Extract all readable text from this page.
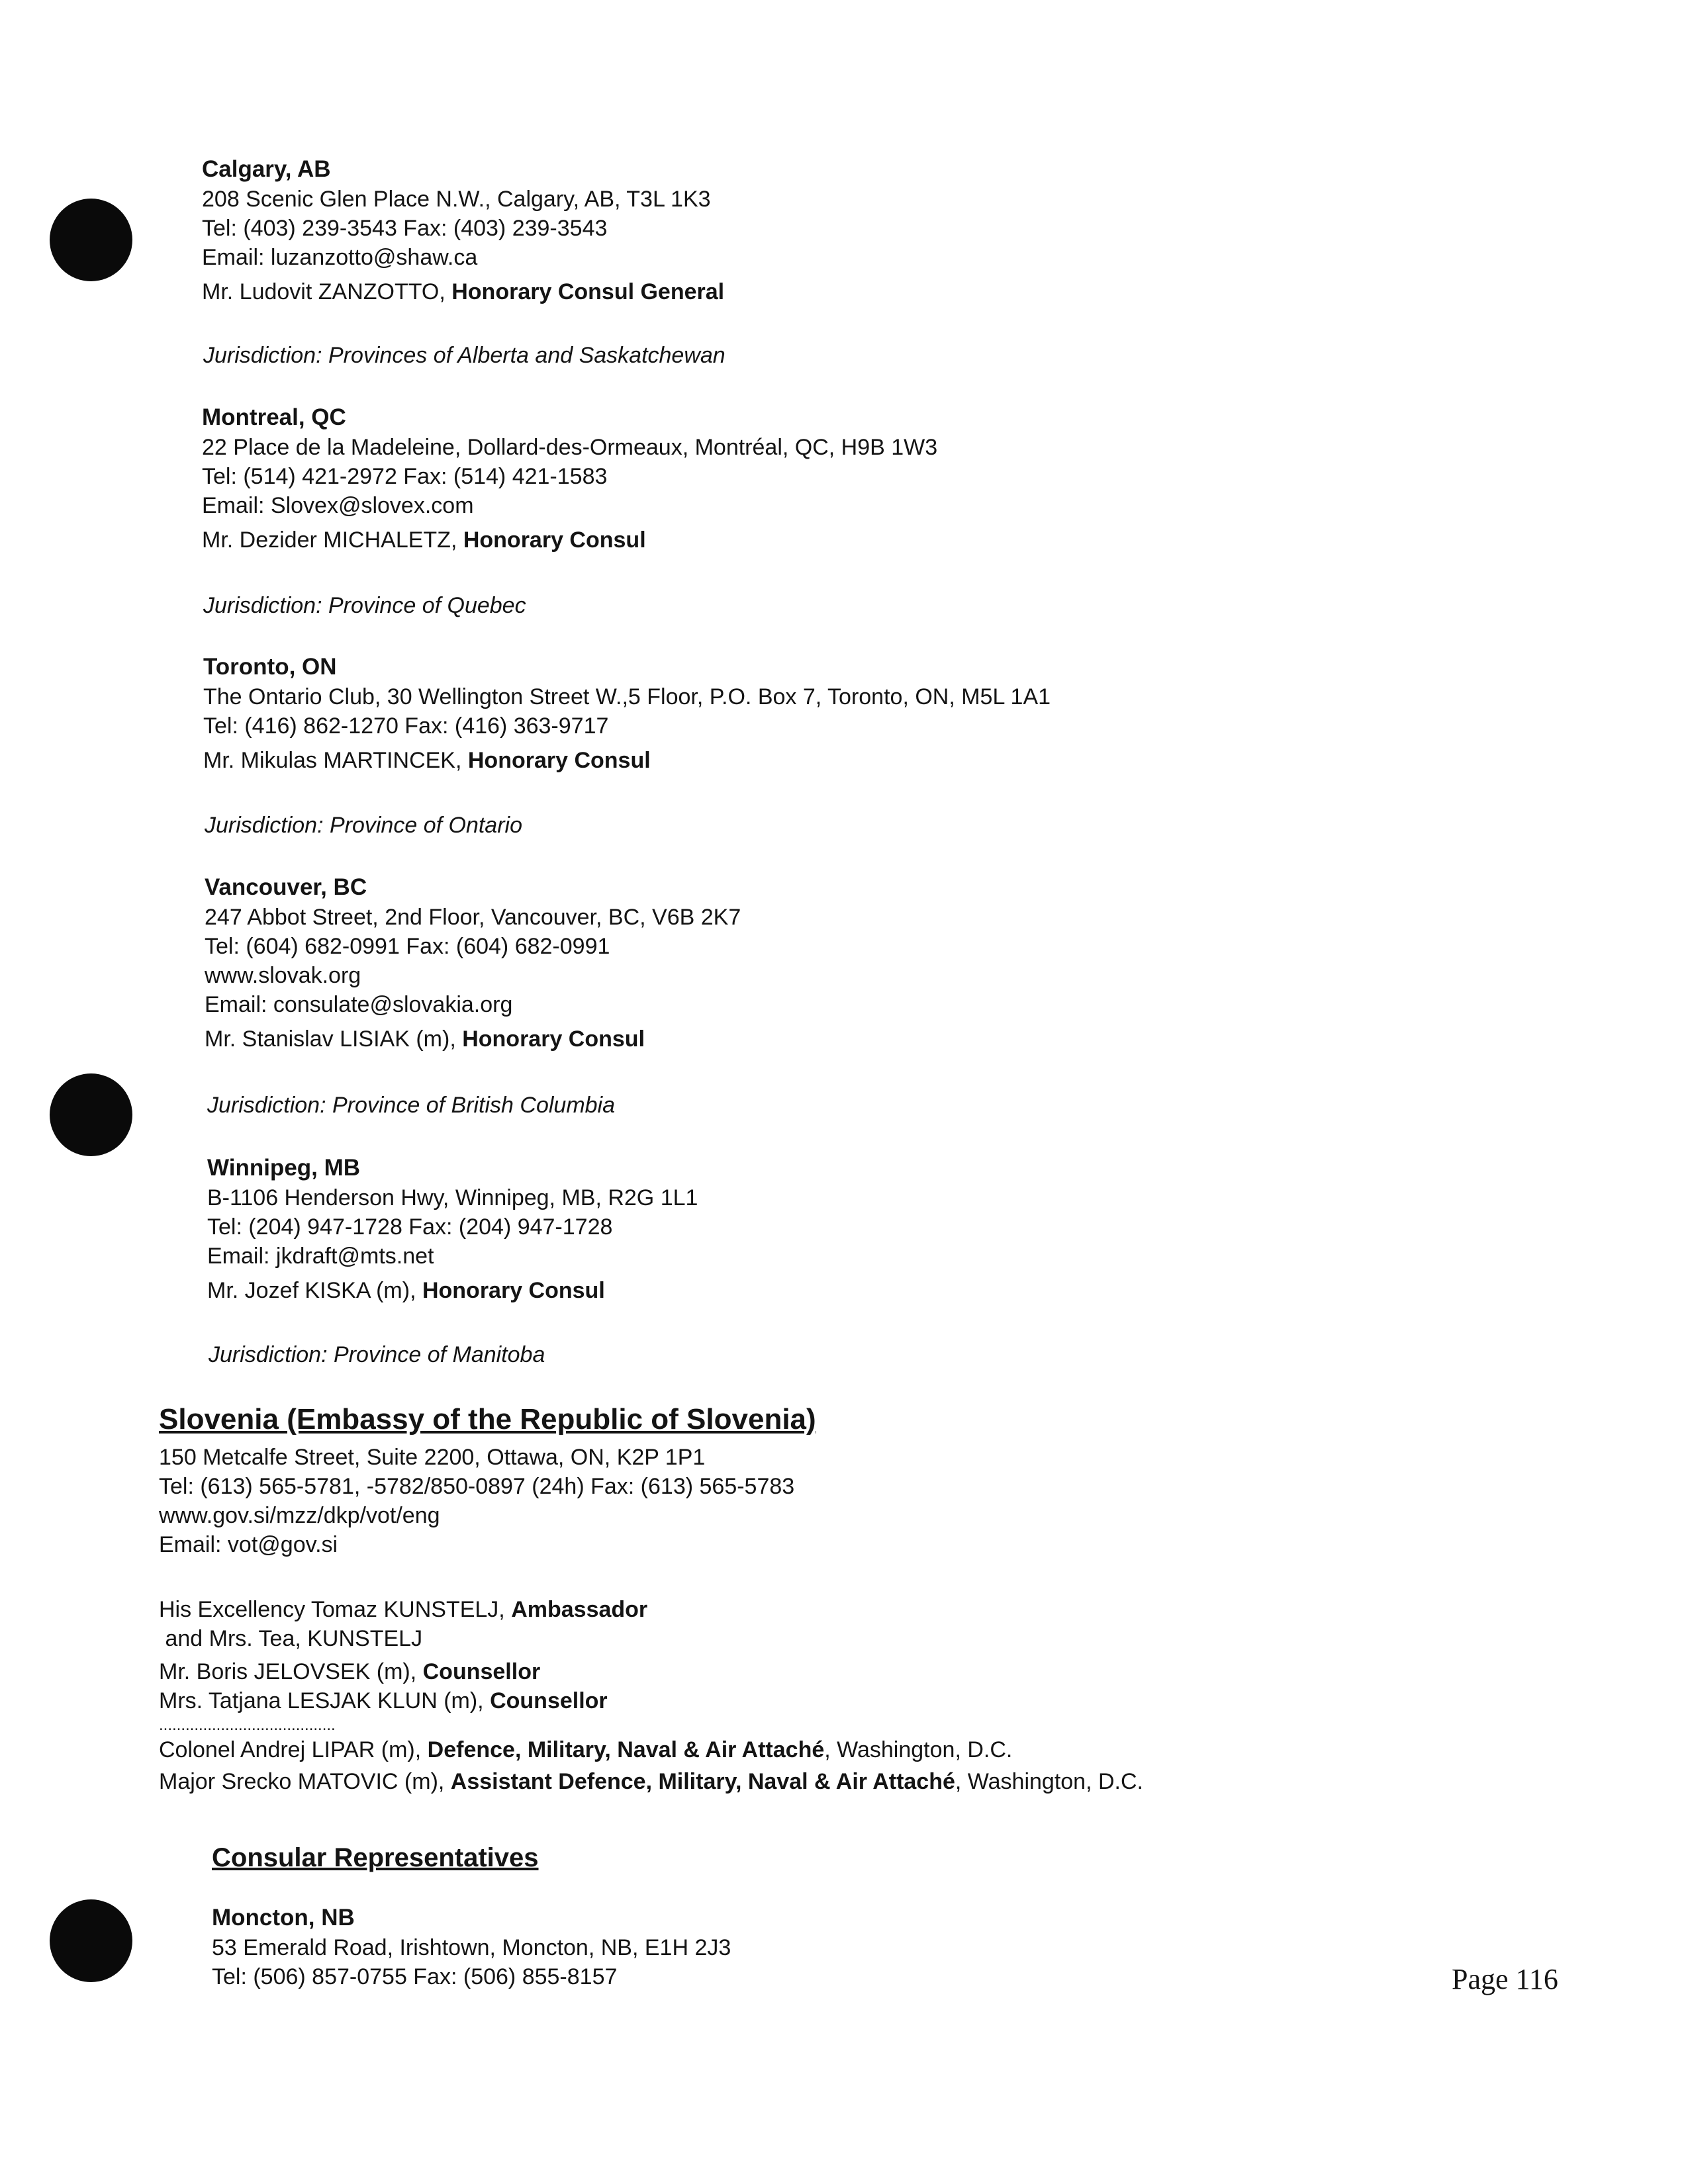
Calgary, AB
208 Scenic Glen Place N.W., Calgary, AB, T3L 1K3
Tel: (403) 239-3543 Fax: (403) 239-3543
Email: luzanzotto@shaw.ca
Mr. Ludovit ZANZOTTO, Honorary Consul General
Jurisdiction: Provinces of Alberta and Saskatchewan
Montreal, QC
22 Place de la Madeleine, Dollard-des-Ormeaux, Montréal, QC, H9B 1W3
Tel: (514) 421-2972 Fax: (514) 421-1583
Email: Slovex@slovex.com
Mr. Dezider MICHALETZ, Honorary Consul
Jurisdiction: Province of Quebec
Toronto, ON
The Ontario Club, 30 Wellington Street W.,5 Floor, P.O. Box 7, Toronto, ON, M5L 1A1
Tel: (416) 862-1270 Fax: (416) 363-9717
Mr. Mikulas MARTINCEK, Honorary Consul
Jurisdiction: Province of Ontario
Vancouver, BC
247 Abbot Street, 2nd Floor, Vancouver, BC, V6B 2K7
Tel: (604) 682-0991 Fax: (604) 682-0991
www.slovak.org
Email: consulate@slovakia.org
Mr. Stanislav LISIAK (m), Honorary Consul
Jurisdiction: Province of British Columbia
Winnipeg, MB
B-1106 Henderson Hwy, Winnipeg, MB, R2G 1L1
Tel: (204) 947-1728 Fax: (204) 947-1728
Email: jkdraft@mts.net
Mr. Jozef KISKA (m), Honorary Consul
Jurisdiction: Province of Manitoba
Slovenia (Embassy of the Republic of Slovenia)
150 Metcalfe Street, Suite 2200, Ottawa, ON, K2P 1P1
Tel: (613) 565-5781, -5782/850-0897 (24h) Fax: (613) 565-5783
www.gov.si/mzz/dkp/vot/eng
Email: vot@gov.si
His Excellency Tomaz KUNSTELJ, Ambassador
and Mrs. Tea, KUNSTELJ
Mr. Boris JELOVSEK (m), Counsellor
Mrs. Tatjana LESJAK KLUN (m), Counsellor
........................................
Colonel Andrej LIPAR (m), Defence, Military, Naval & Air Attaché, Washington, D.C.
Major Srecko MATOVIC (m), Assistant Defence, Military, Naval & Air Attaché, Washington, D.C.
Consular Representatives
Moncton, NB
53 Emerald Road, Irishtown, Moncton, NB, E1H 2J3
Tel: (506) 857-0755 Fax: (506) 855-8157	Page 116
